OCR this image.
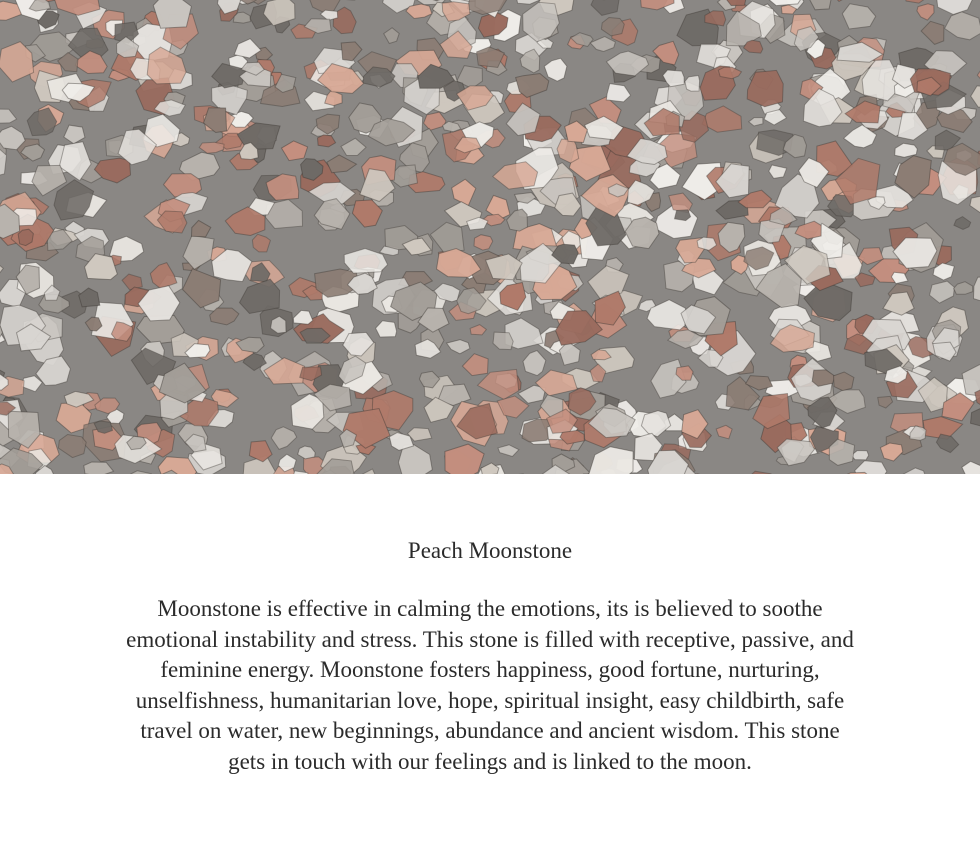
Peach Moonstone

Moonstone is effective in calming the emotions, its is believed to soothe emotional instability and stress. This stone is filled with receptive, passive, and feminine energy. Moonstone fosters happiness, good fortune, nurturing, unselfishness, humanitarian love, hope, spiritual insight, easy childbirth, safe travel on water, new beginnings, abundance and ancient wisdom. This stone gets in touch with our feelings and is linked to the moon.
